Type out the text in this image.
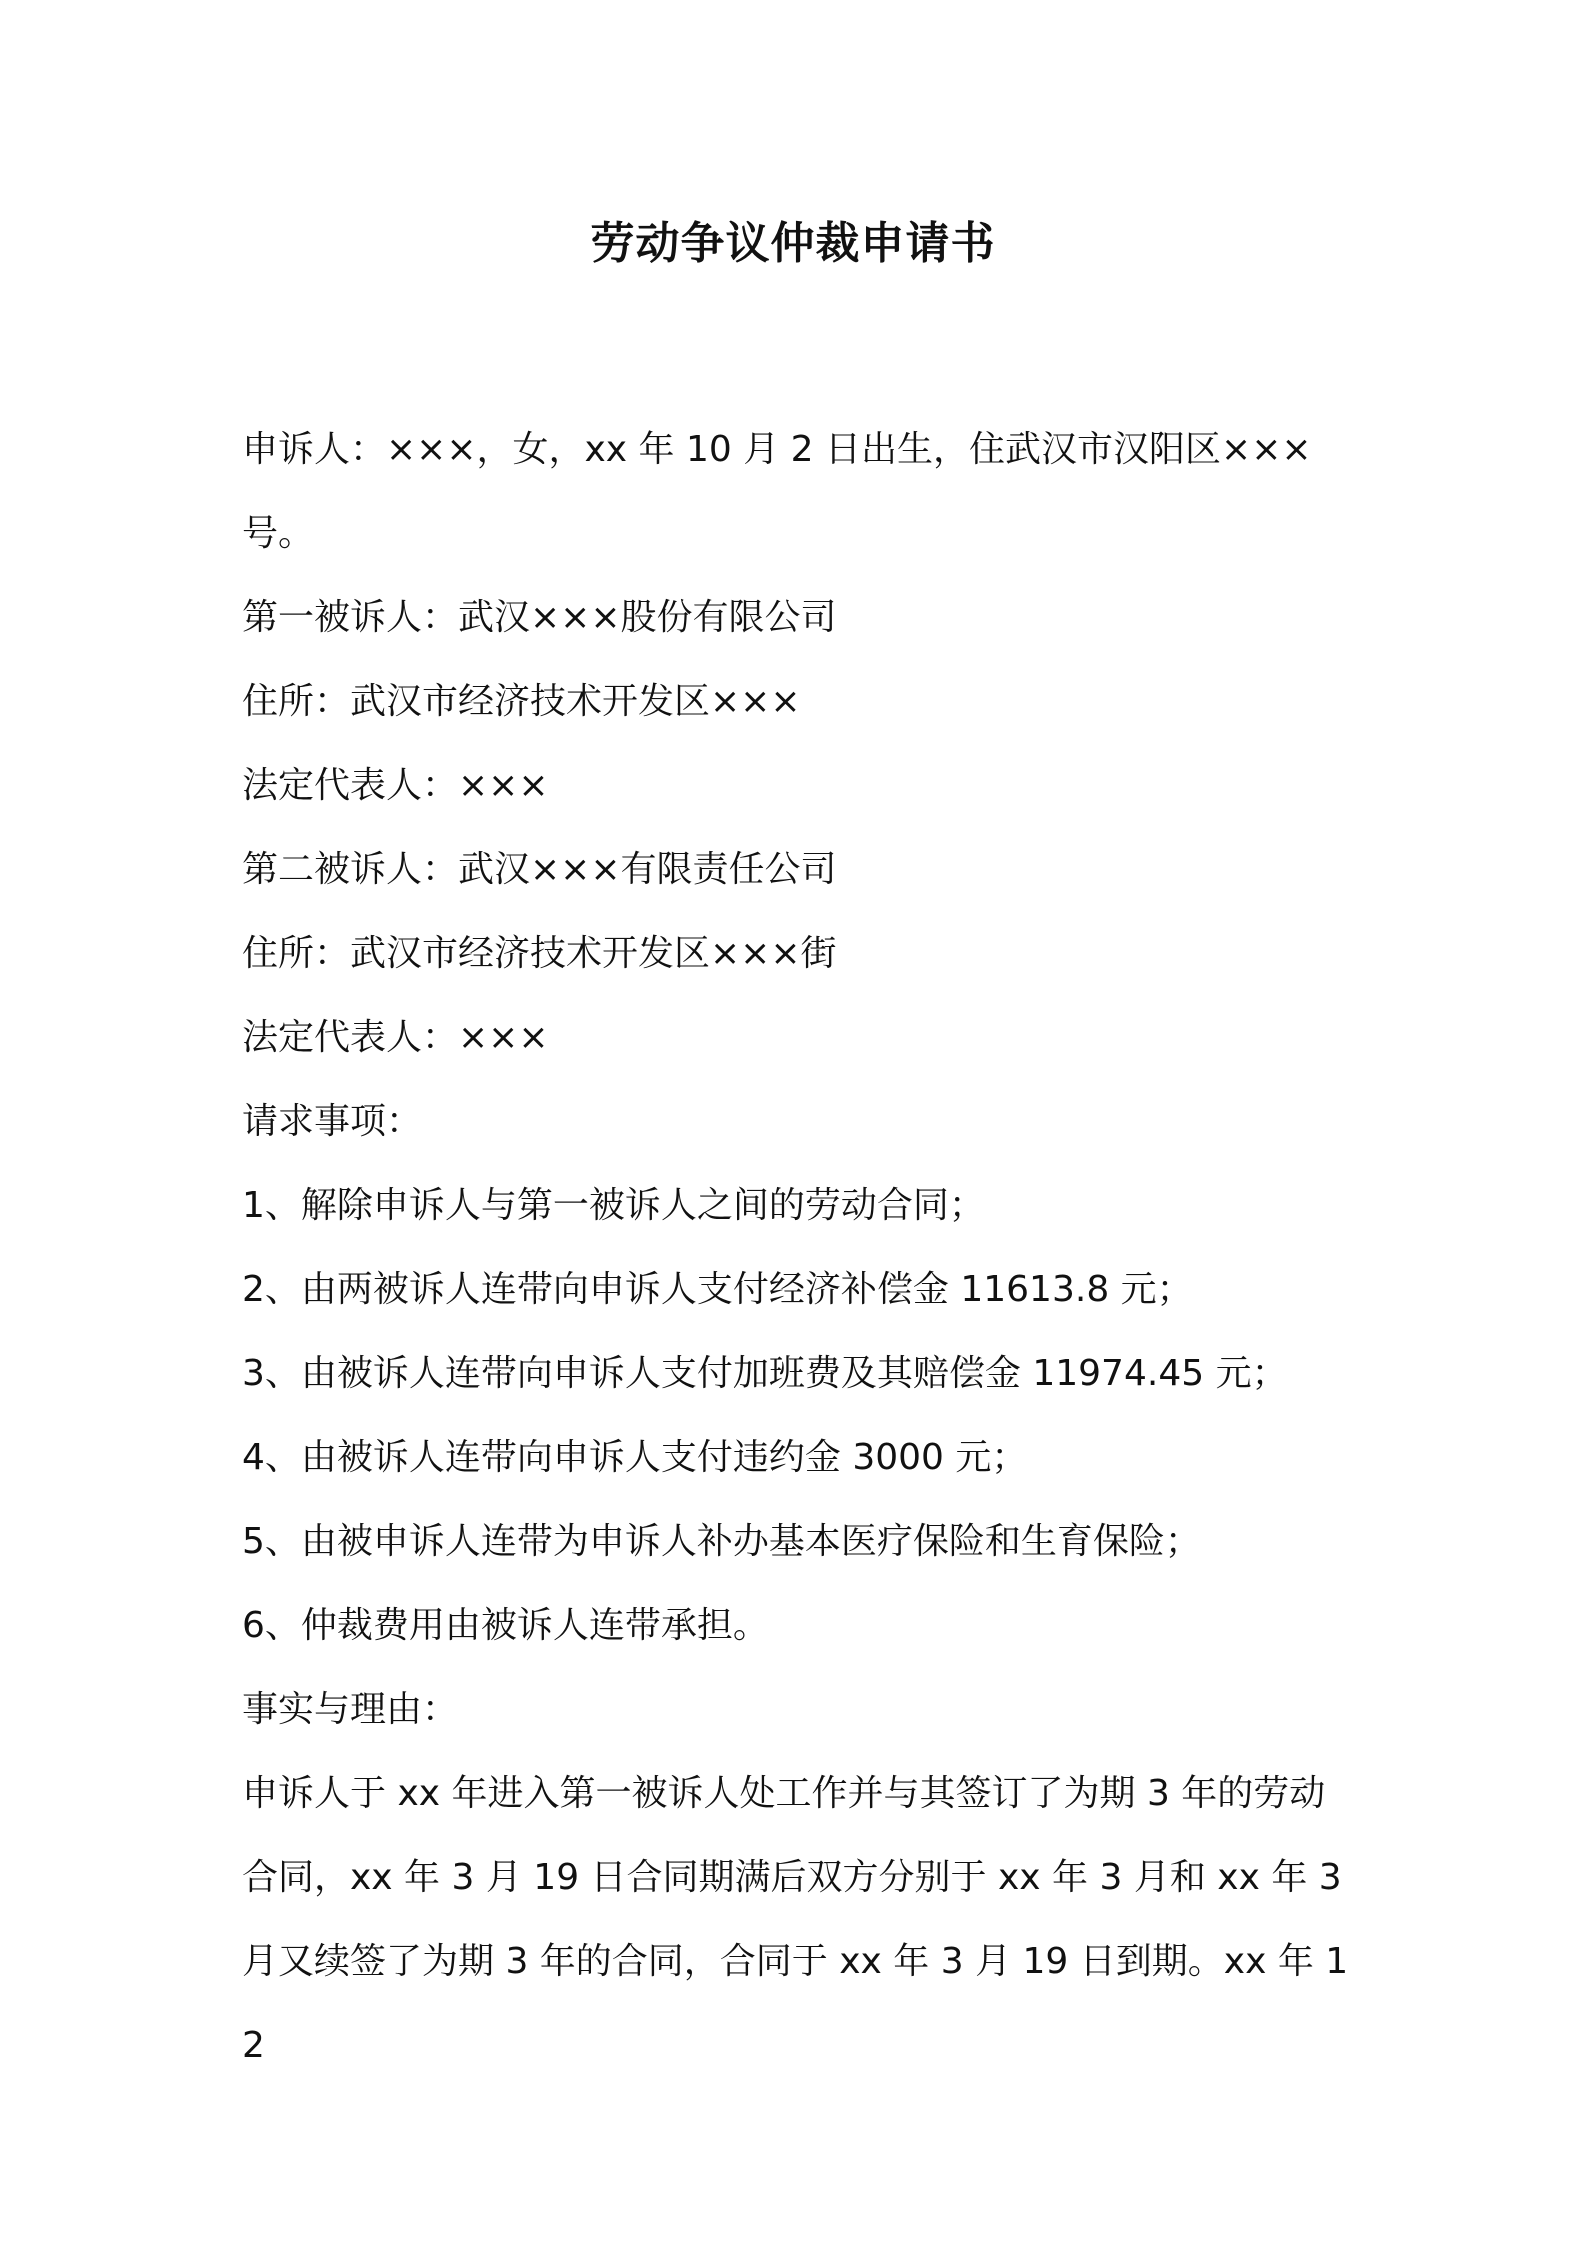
劳动争议仲裁申请书

申诉人：×××，女，xx 年 10 月 2 日出生，住武汉市汉阳区×××号。

第一被诉人：武汉×××股份有限公司

住所：武汉市经济技术开发区×××

法定代表人：×××

第二被诉人：武汉×××有限责任公司

住所：武汉市经济技术开发区×××街

法定代表人：×××

请求事项：

1、解除申诉人与第一被诉人之间的劳动合同；

2、由两被诉人连带向申诉人支付经济补偿金 11613.8 元；

3、由被诉人连带向申诉人支付加班费及其赔偿金 11974.45 元；

4、由被诉人连带向申诉人支付违约金 3000 元；

5、由被申诉人连带为申诉人补办基本医疗保险和生育保险；

6、仲裁费用由被诉人连带承担。

事实与理由：

申诉人于 xx 年进入第一被诉人处工作并与其签订了为期 3 年的劳动合同，xx 年 3 月 19 日合同期满后双方分别于 xx 年 3 月和 xx 年 3 月又续签了为期 3 年的合同，合同于 xx 年 3 月 19 日到期。xx 年 12
